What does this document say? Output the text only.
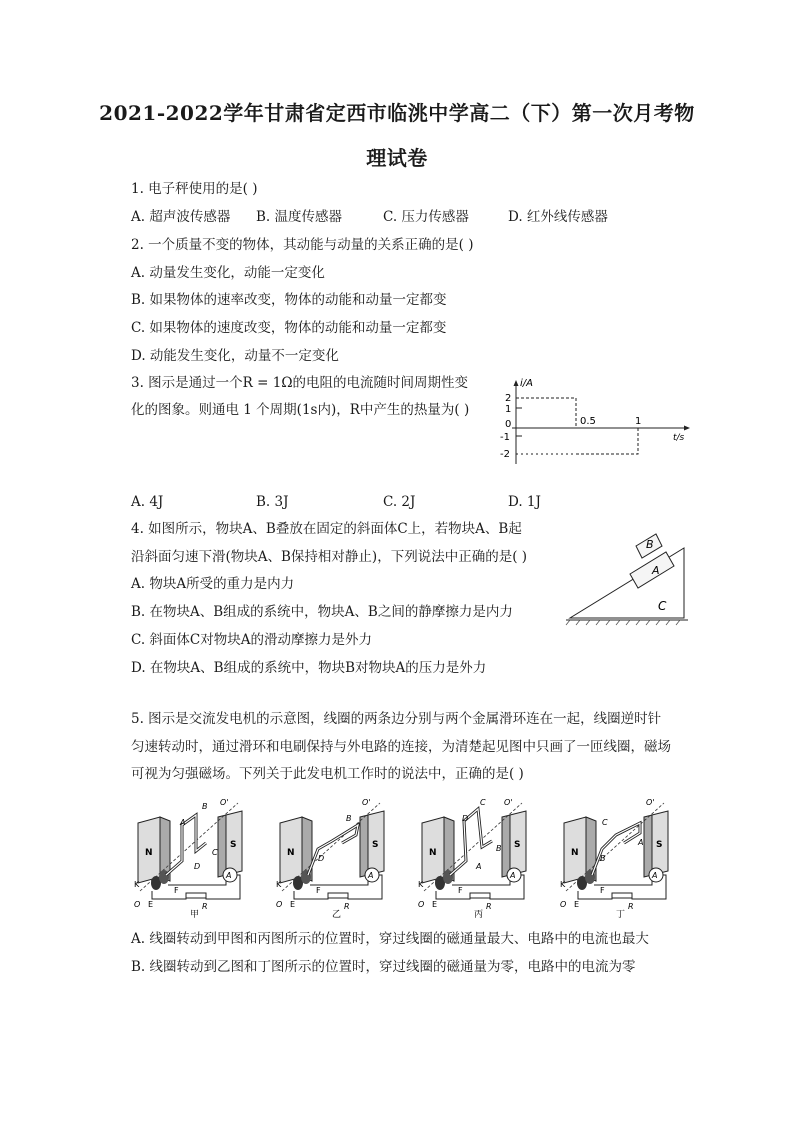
2021-2022学年甘肃省定西市临洮中学高二（下）第一次月考物
理试卷
1. 电子秤使用的是( )
A. 超声波传感器 B. 温度传感器	C. 压力传感器	D. 红外线传感器
2. 一个质量不变的物体，其动能与动量的关系正确的是( )
A. 动量发生变化，动能一定变化
B. 如果物体的速率改变，物体的动能和动量一定都变
C. 如果物体的速度改变，物体的动能和动量一定都变
D. 动能发生变化，动量不一定变化
3. 图示是通过一个R = 1Ω的电阻的电流随时间周期性变
化的图象。则通电 1 个周期(1s内)，R中产生的热量为( )
i/A
t/s
2
1
0
-1
-2
0.5	1
A. 4J	B. 3J	C. 2J	D. 1J
4. 如图所示，物块A、B叠放在固定的斜面体C上，若物块A、B起
沿斜面匀速下滑(物块A、B保持相对静止)，下列说法中正确的是( )
A. 物块A所受的重力是内力
B. 在物块A、B组成的系统中，物块A、B之间的静摩擦力是内力
C. 斜面体C对物块A的滑动摩擦力是外力
D. 在物块A、B组成的系统中，物块B对物块A的压力是外力
B
A
C
5. 图示是交流发电机的示意图，线圈的两条边分别与两个金属滑环连在一起，线圈逆时针
匀速转动时，通过滑环和电刷保持与外电路的连接，为清楚起见图中只画了一匝线圈，磁场
可视为匀强磁场。下列关于此发电机工作时的说法中，正确的是( )
B
A
C
D
甲
B
D
乙
C
D
B
A
丙
C
A
B
丁
A. 线圈转动到甲图和丙图所示的位置时，穿过线圈的磁通量最大、电路中的电流也最大
B. 线圈转动到乙图和丁图所示的位置时，穿过线圈的磁通量为零，电路中的电流为零
